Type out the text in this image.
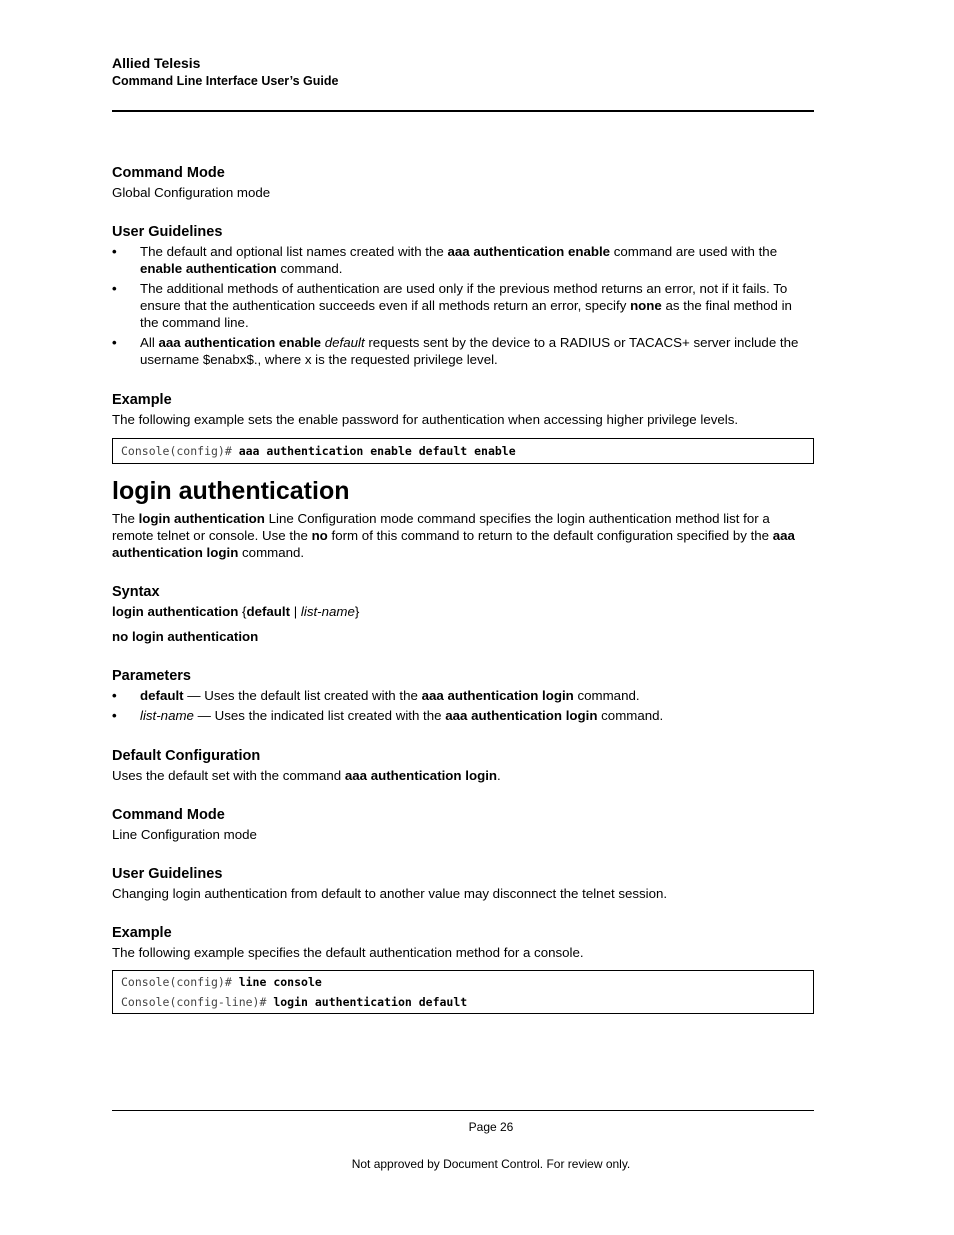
Allied Telesis
Command Line Interface User’s Guide
Command Mode

Global Configuration mode

User Guidelines
• The default and optional list names created with the aaa authentication enable command are used with the enable authentication command.
• The additional methods of authentication are used only if the previous method returns an error, not if it fails. To ensure that the authentication succeeds even if all methods return an error, specify none as the final method in the command line.
• All aaa authentication enable default requests sent by the device to a RADIUS or TACACS+ server include the username $enabx$., where x is the requested privilege level.
Example

The following example sets the enable password for authentication when accessing higher privilege levels.

Console(config)# aaa authentication enable default enable
login authentication

The login authentication Line Configuration mode command specifies the login authentication method list for a remote telnet or console. Use the no form of this command to return to the default configuration specified by the aaa authentication login command.

Syntax

login authentication {default | list-name}

no login authentication

Parameters
• default — Uses the default list created with the aaa authentication login command.
• list-name — Uses the indicated list created with the aaa authentication login command.
Default Configuration

Uses the default set with the command aaa authentication login.

Command Mode

Line Configuration mode

User Guidelines

Changing login authentication from default to another value may disconnect the telnet session.

Example

The following example specifies the default authentication method for a console.

Console(config)# line console
Console(config-line)# login authentication default
Page 26
Not approved by Document Control. For review only.
